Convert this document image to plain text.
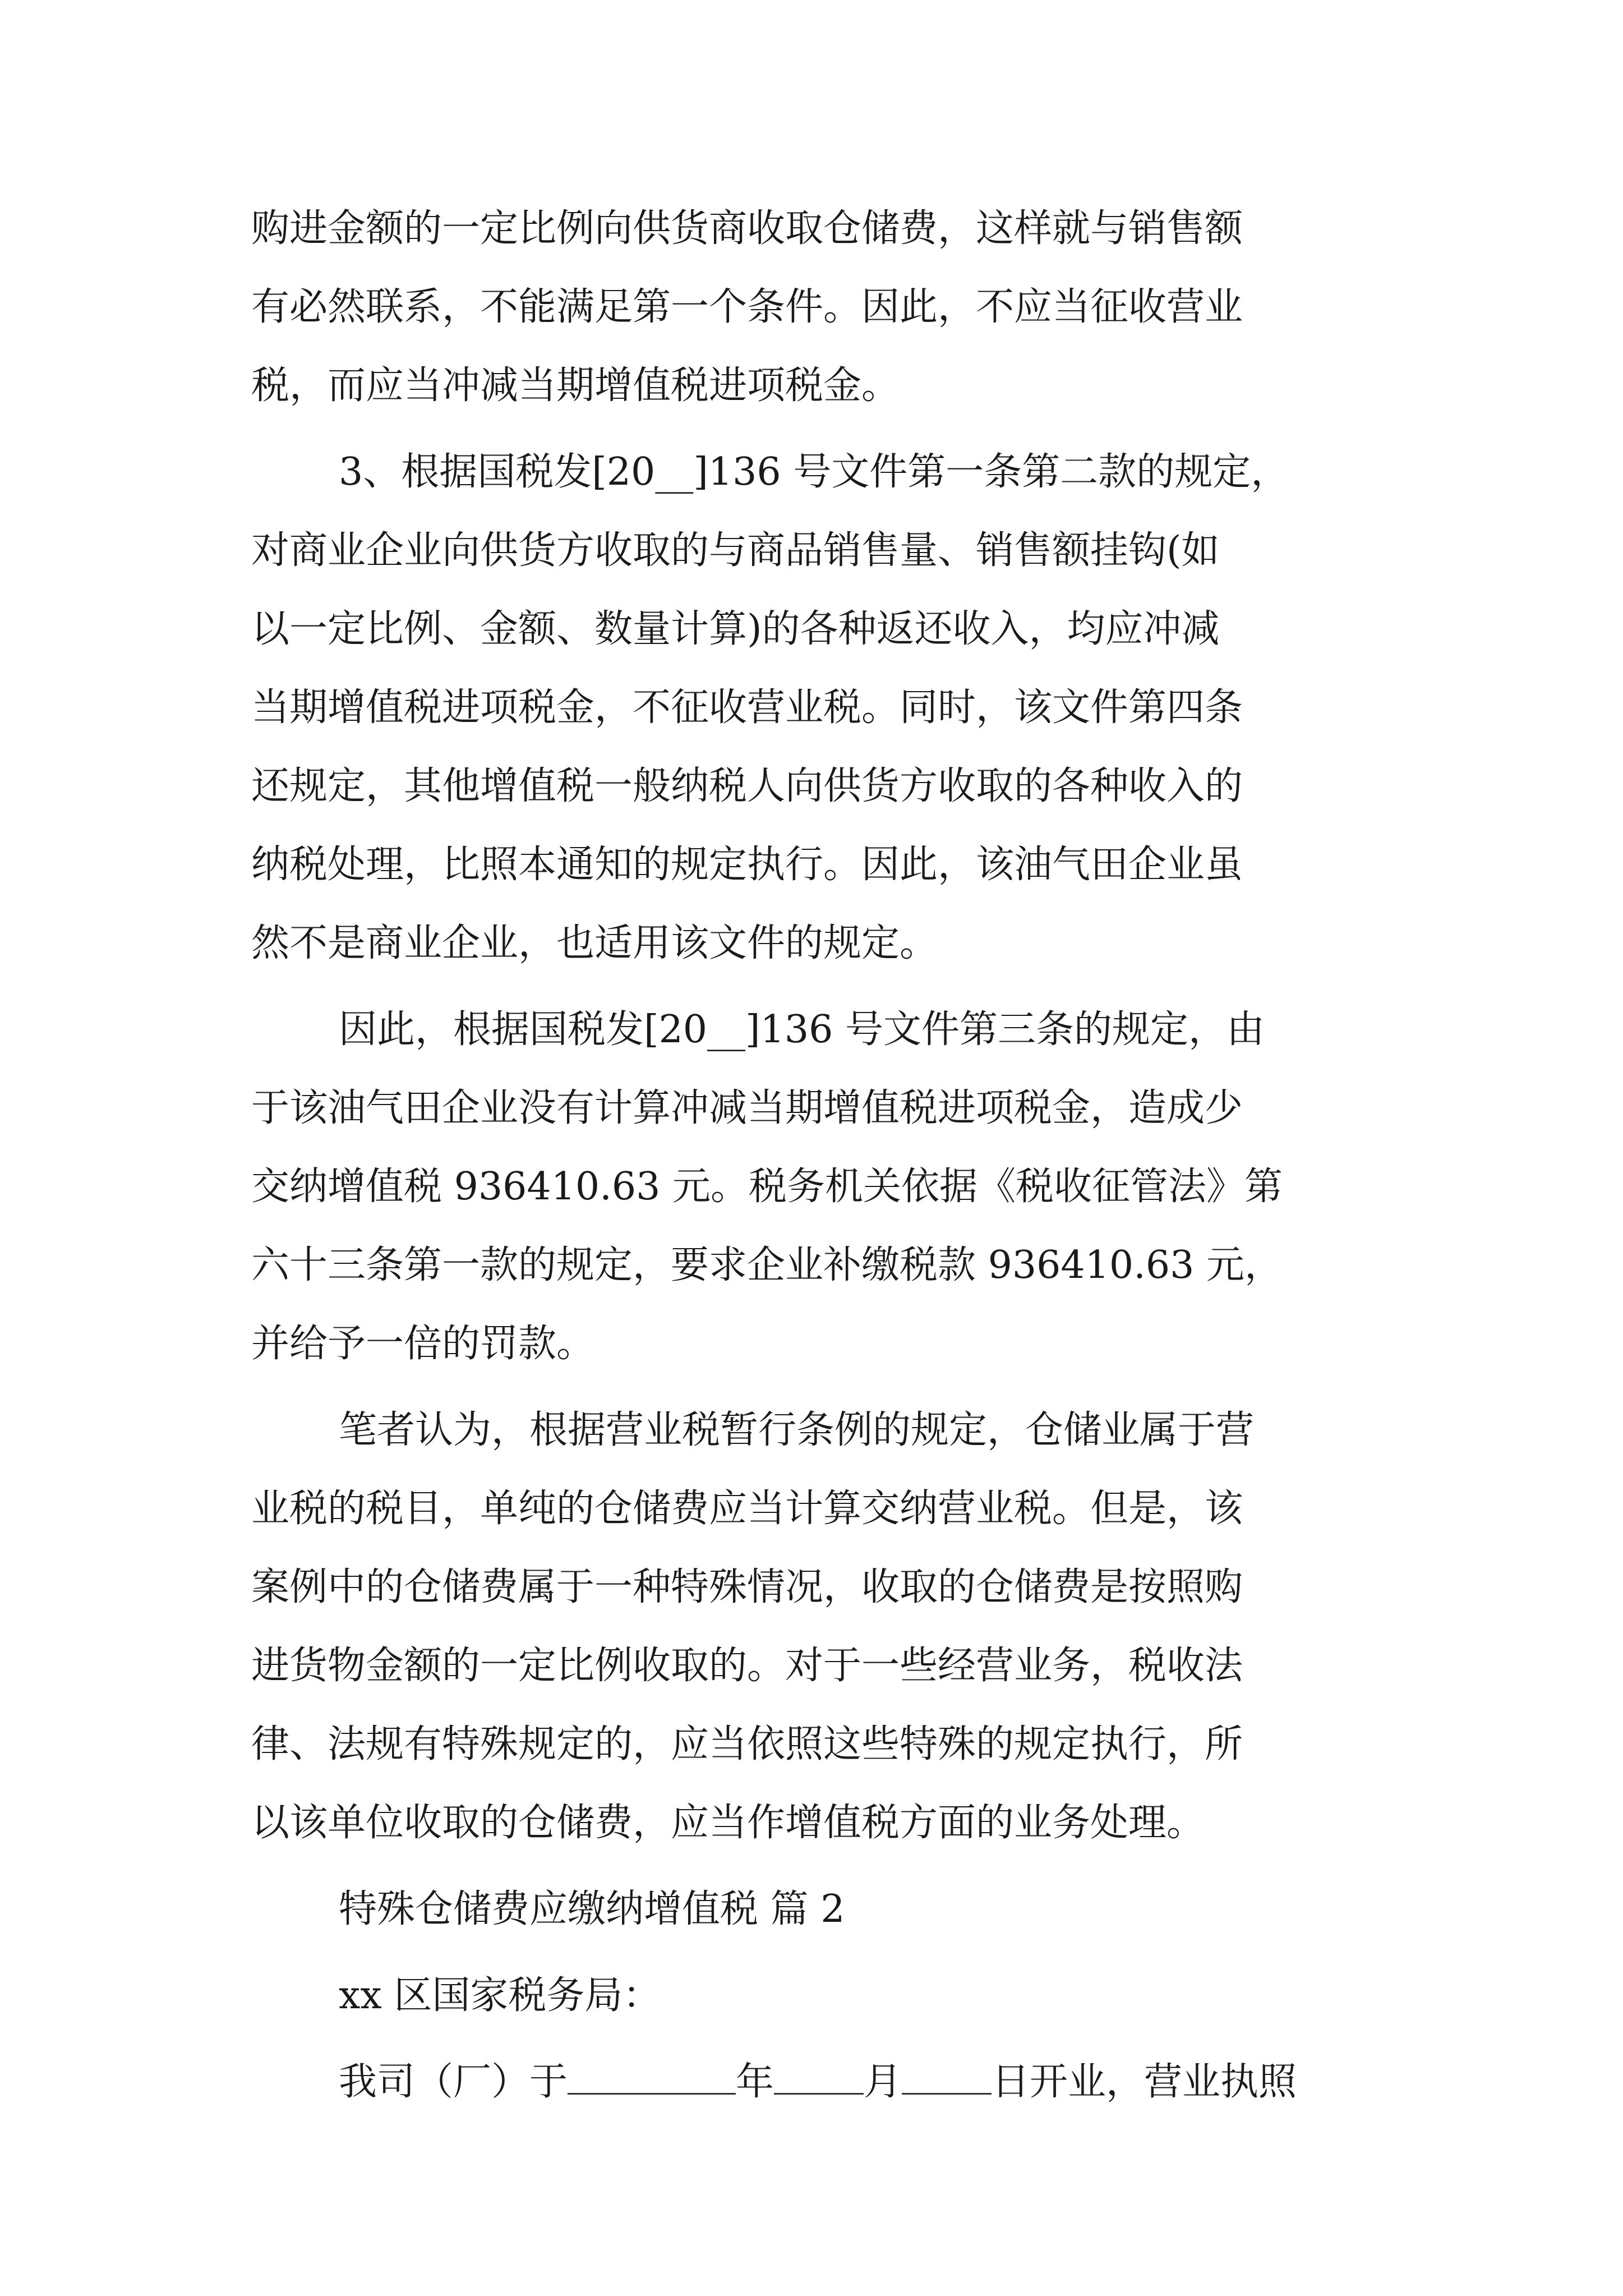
购进金额的一定比例向供货商收取仓储费，这样就与销售额
有必然联系，不能满足第一个条件。因此，不应当征收营业
税，而应当冲减当期增值税进项税金。
3、根据国税发[20__]136 号文件第一条第二款的规定，
对商业企业向供货方收取的与商品销售量、销售额挂钩(如
以一定比例、金额、数量计算)的各种返还收入，均应冲减
当期增值税进项税金，不征收营业税。同时，该文件第四条
还规定，其他增值税一般纳税人向供货方收取的各种收入的
纳税处理，比照本通知的规定执行。因此，该油气田企业虽
然不是商业企业，也适用该文件的规定。
因此，根据国税发[20__]136 号文件第三条的规定，由
于该油气田企业没有计算冲减当期增值税进项税金，造成少
交纳增值税 936410.63 元。税务机关依据《税收征管法》第
六十三条第一款的规定，要求企业补缴税款 936410.63 元，
并给予一倍的罚款。
笔者认为，根据营业税暂行条例的规定，仓储业属于营
业税的税目，单纯的仓储费应当计算交纳营业税。但是，该
案例中的仓储费属于一种特殊情况，收取的仓储费是按照购
进货物金额的一定比例收取的。对于一些经营业务，税收法
律、法规有特殊规定的，应当依照这些特殊的规定执行，所
以该单位收取的仓储费，应当作增值税方面的业务处理。
特殊仓储费应缴纳增值税 篇 2
xx 区国家税务局：
我司（厂）于	年 月 日开业，营业执照
